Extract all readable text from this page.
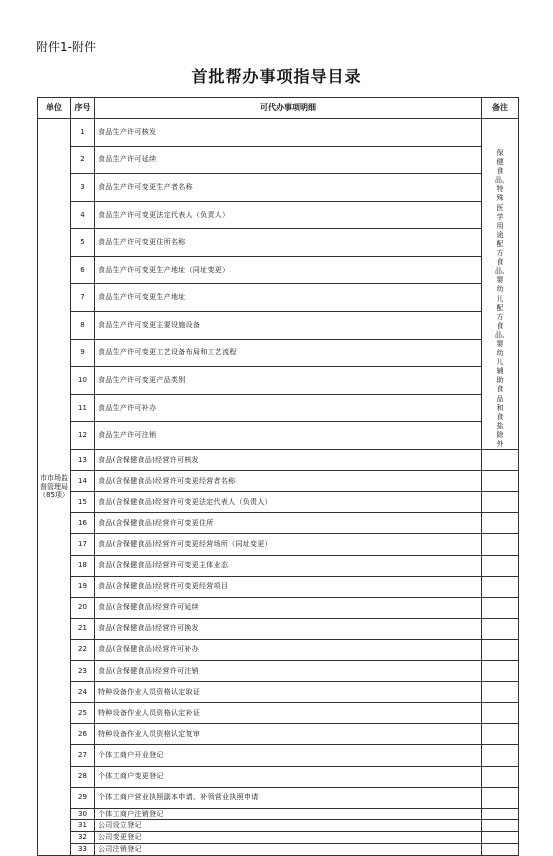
附件1-附件
首批帮办事项指导目录
单位	序号	可代办事项明细	备注
市市场监督管理局（85项）	1	食品生产许可核发	保健食品，特殊医学用途配方食品、婴幼儿配方食品、婴幼儿辅助食品和食盐除外

	2	食品生产许可延续	
	3	食品生产许可变更生产者名称	
	4	食品生产许可变更法定代表人（负责人）	
	5	食品生产许可变更住所名称	
	6	食品生产许可变更生产地址（同址变更）	
	7	食品生产许可变更生产地址	
	8	食品生产许可变更主要设施设备	
	9	食品生产许可变更工艺设备布局和工艺流程	
	10	食品生产许可变更产品类别	
	11	食品生产许可补办	
	12	食品生产许可注销	
	13	食品(含保健食品)经营许可核发	
	14	食品(含保健食品)经营许可变更经营者名称	
	15	食品(含保健食品)经营许可变更法定代表人（负责人）	
	16	食品(含保健食品)经营许可变更住所	
	17	食品(含保健食品)经营许可变更经营场所（同址变更）	
	18	食品(含保健食品)经营许可变更主体业态	
	19	食品(含保健食品)经营许可变更经营项目	
	20	食品(含保健食品)经营许可延续	
	21	食品(含保健食品)经营许可换发	
	22	食品(含保健食品)经营许可补办	
	23	食品(含保健食品)经营许可注销	
	24	特种设备作业人员资格认定取证	
	25	特种设备作业人员资格认定补证	
	26	特种设备作业人员资格认定复审	
	27	个体工商户开业登记	
	28	个体工商户变更登记	
	29	个体工商户营业执照副本申请、补领营业执照申请	
	30	个体工商户注销登记	
	31	公司设立登记	
	32	公司变更登记	
	33	公司注销登记	
